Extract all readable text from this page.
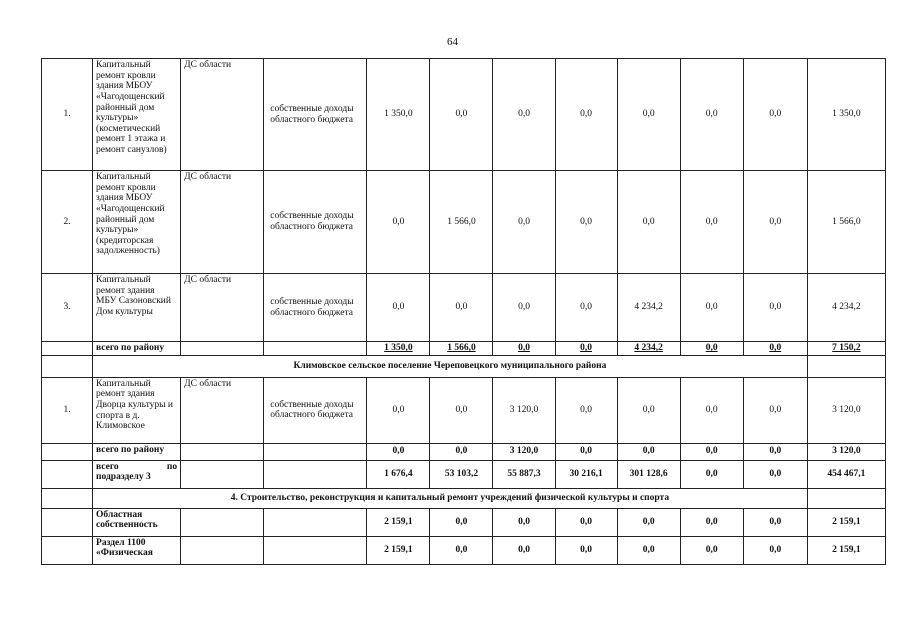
64
1.	Капитальный ремонт кровли здания МБОУ «Чагодощенский районный дом культуры» (косметический ремонт 1 этажа и ремонт санузлов)	ДС области	собственные доходы областного бюджета	1 350,0	0,0	0,0	0,0	0,0	0,0	0,0	1 350,0
2.	Капитальный ремонт кровли здания МБОУ «Чагодощенский районный дом культуры» (кредиторская задолженность)	ДС области	собственные доходы областного бюджета	0,0	1 566,0	0,0	0,0	0,0	0,0	0,0	1 566,0
3.	Капитальный ремонт здания МБУ Сазоновский Дом культуры	ДС области	собственные доходы областного бюджета	0,0	0,0	0,0	0,0	4 234,2	0,0	0,0	4 234,2
	всего по району			1 350,0	1 566,0	0,0	0,0	4 234,2	0,0	0,0	7 150,2
	Климовское сельское поселение Череповецкого муниципального района										
1.	Капитальный ремонт здания Дворца культуры и спорта в д. Климовское	ДС области	собственные доходы областного бюджета	0,0	0,0	3 120,0	0,0	0,0	0,0	0,0	3 120,0
	всего по району			0,0	0,0	3 120,0	0,0	0,0	0,0	0,0	3 120,0
	всего по подразделу 3			1 676,4	53 103,2	55 887,3	30 216,1	301 128,6	0,0	0,0	454 467,1
	4. Строительство, реконструкция и капитальный ремонт учреждений физической культуры и спорта										
	Областная собственность			2 159,1	0,0	0,0	0,0	0,0	0,0	0,0	2 159,1
	Раздел 1100 «Физическая			2 159,1	0,0	0,0	0,0	0,0	0,0	0,0	2 159,1
